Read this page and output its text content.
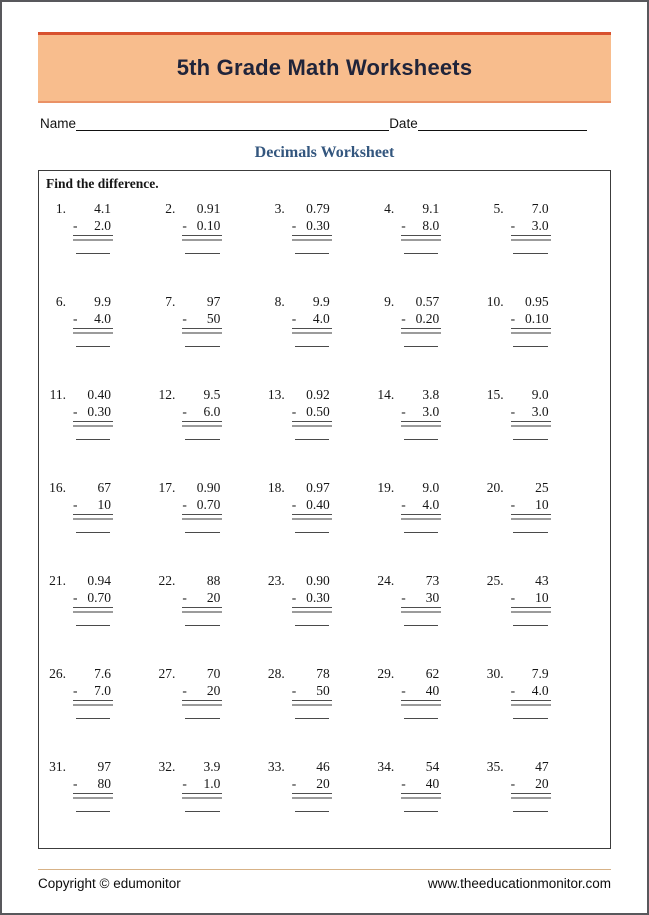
5th Grade Math Worksheets
Name	Date
Decimals Worksheet
Find the difference.
1.	4.1
- 2.0
2.	0.91
- 0.10
3.	0.79
- 0.30
4.	9.1
- 8.0
5.	7.0
- 3.0
6.	9.9
- 4.0
7.	97
- 50
8.	9.9
- 4.0
9.	0.57
- 0.20
10.	0.95
- 0.10
11.	0.40
- 0.30
12.	9.5
- 6.0
13.	0.92
- 0.50
14.	3.8
- 3.0
15.	9.0
- 3.0
16.	67
- 10
17.	0.90
- 0.70
18.	0.97
- 0.40
19.	9.0
- 4.0
20.	25
- 10
21.	0.94
- 0.70
22.	88
- 20
23.	0.90
- 0.30
24.	73
- 30
25.	43
- 10
26.	7.6
- 7.0
27.	70
- 20
28.	78
- 50
29.	62
- 40
30.	7.9
- 4.0
31.	97
- 80
32.	3.9
- 1.0
33.	46
- 20
34.	54
- 40
35.	47
- 20
Copyright © edumonitor	www.theeducationmonitor.com
